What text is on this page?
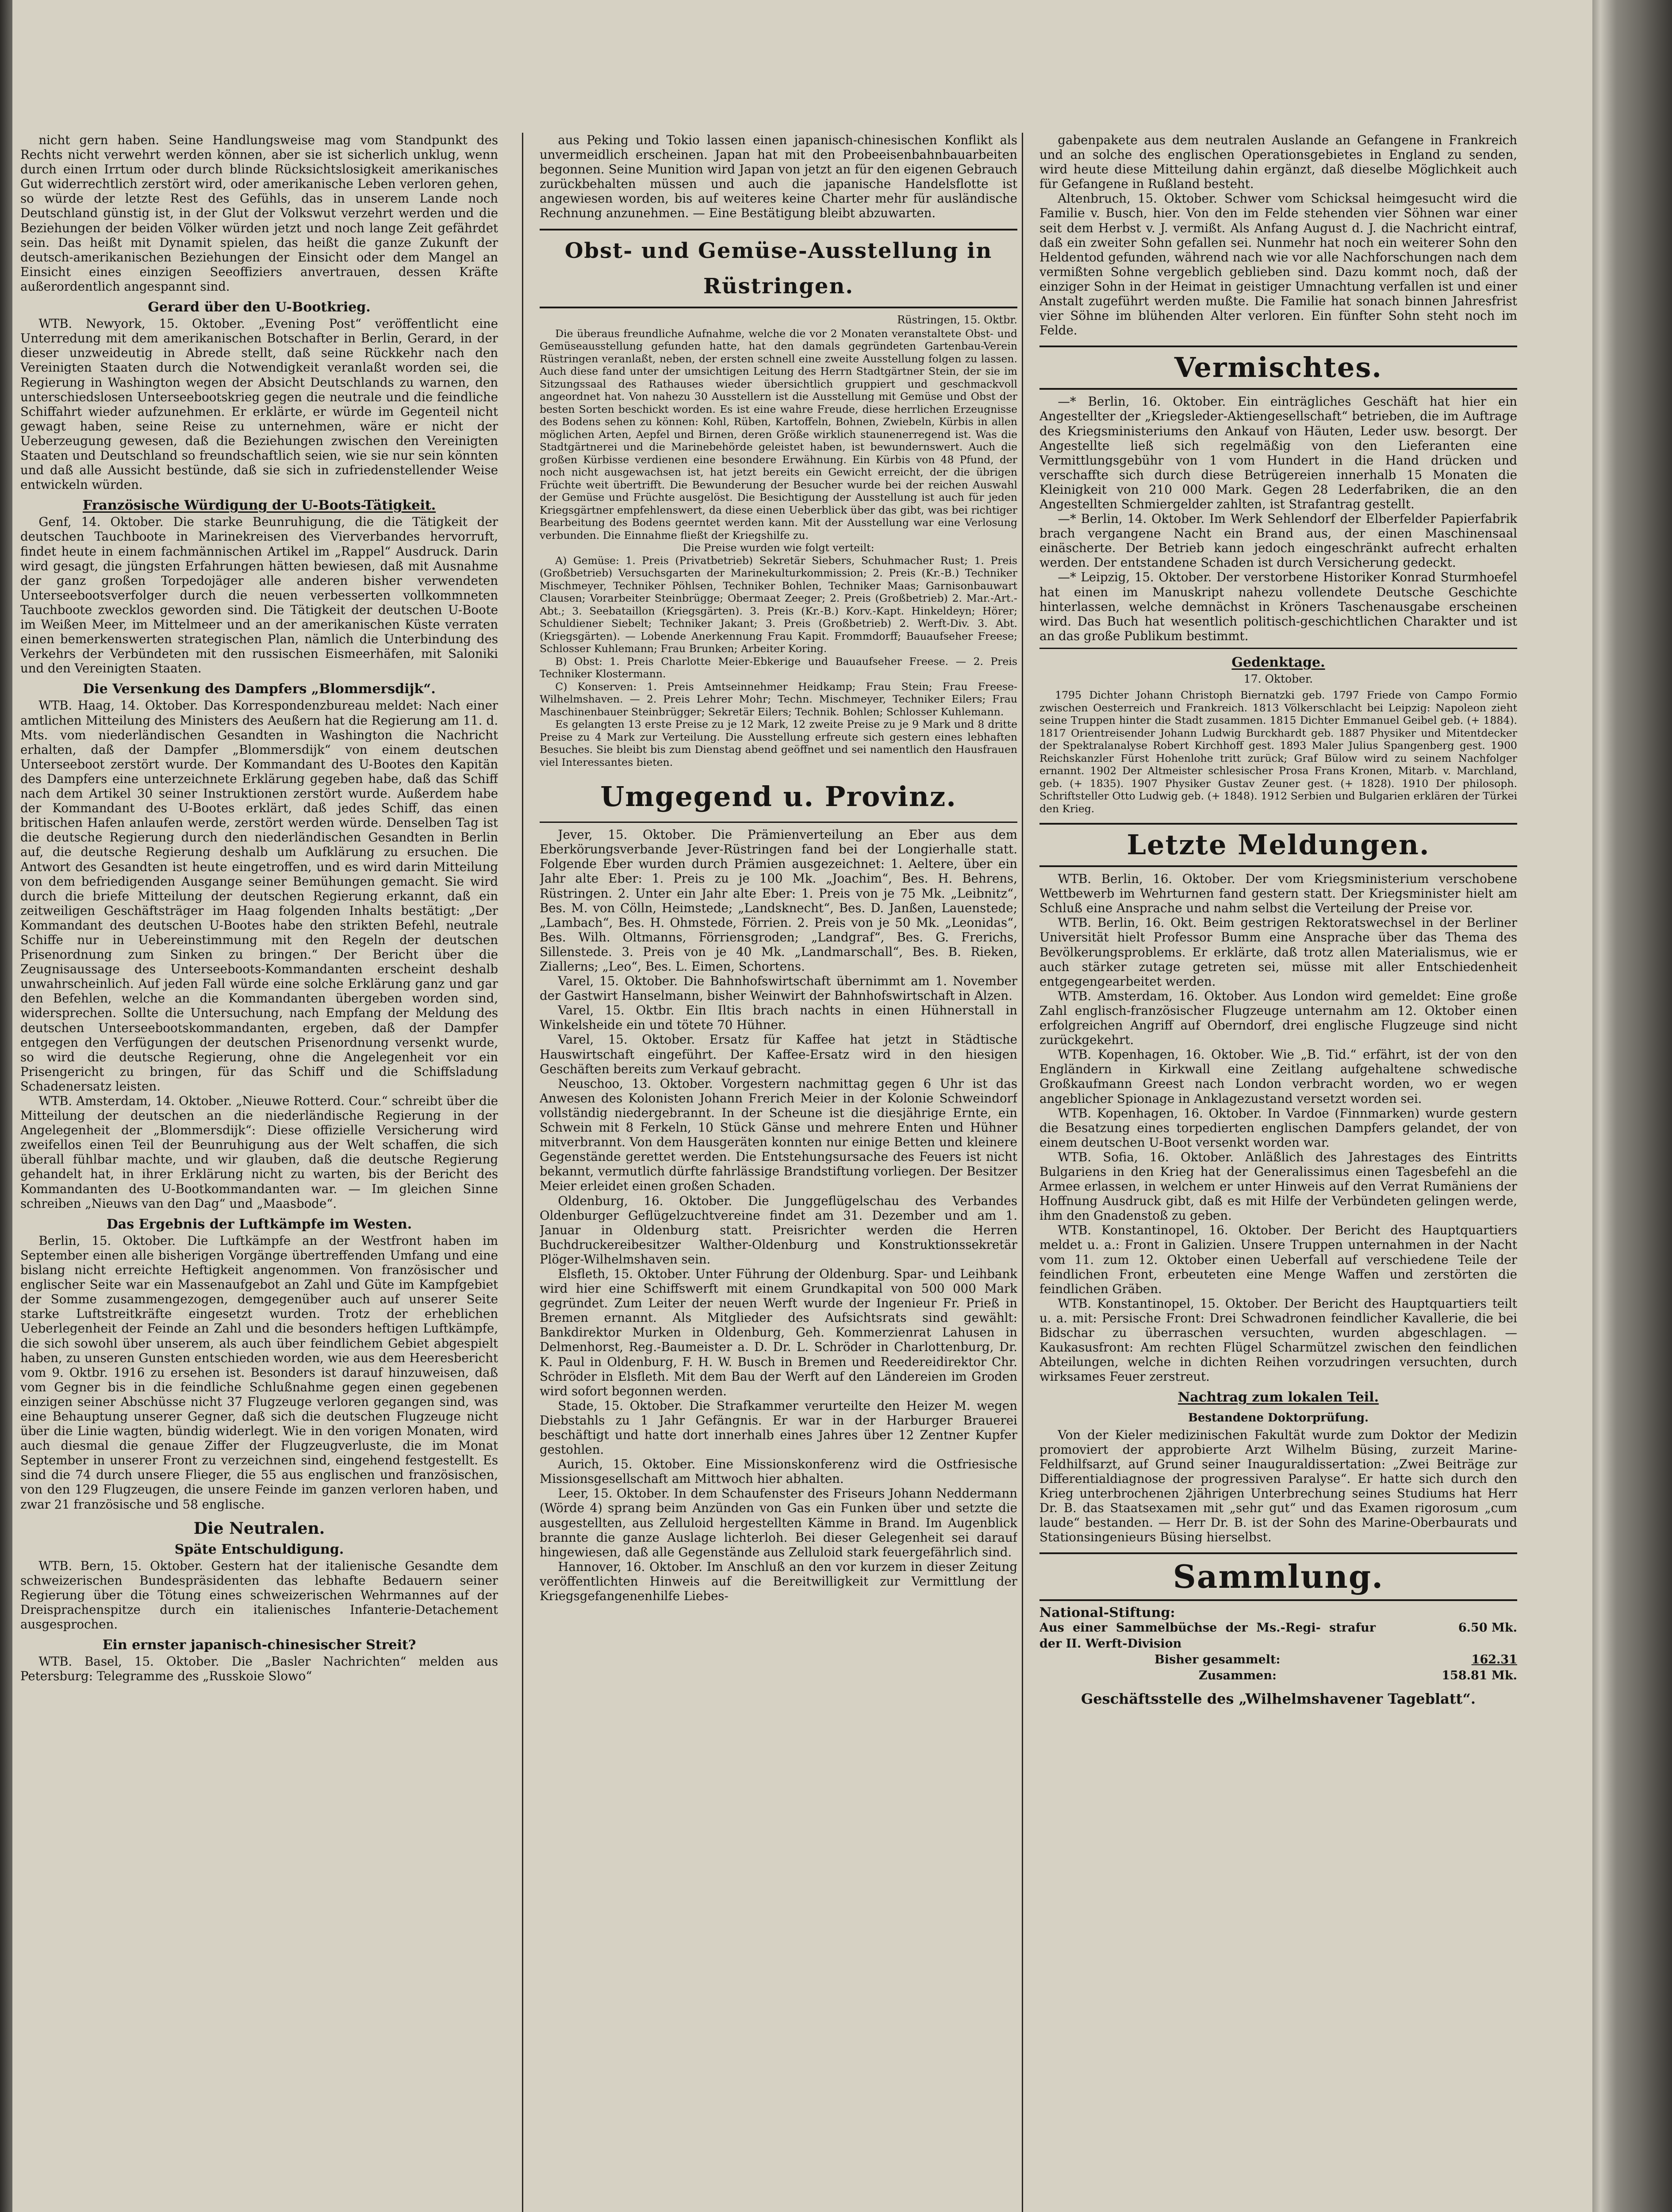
nicht gern haben. Seine Handlungsweise mag vom Standpunkt des Rechts nicht verwehrt werden können, aber sie ist sicherlich unklug, wenn durch einen Irrtum oder durch blinde Rücksichtslosigkeit amerikanisches Gut widerrechtlich zerstört wird, oder amerikanische Leben verloren gehen, so würde der letzte Rest des Gefühls, das in unserem Lande noch Deutschland günstig ist, in der Glut der Volkswut verzehrt werden und die Beziehungen der beiden Völker würden jetzt und noch lange Zeit gefährdet sein. Das heißt mit Dynamit spielen, das heißt die ganze Zukunft der deutsch-amerikanischen Beziehungen der Einsicht oder dem Mangel an Einsicht eines einzigen Seeoffiziers anvertrauen, dessen Kräfte außerordentlich angespannt sind.

Gerard über den U-Bootkrieg.

WTB. Newyork, 15. Oktober. „Evening Post“ veröffentlicht eine Unterredung mit dem amerikanischen Botschafter in Berlin, Gerard, in der dieser unzweideutig in Abrede stellt, daß seine Rückkehr nach den Vereinigten Staaten durch die Notwendigkeit veranlaßt worden sei, die Regierung in Washington wegen der Absicht Deutschlands zu warnen, den unterschiedslosen Unterseebootskrieg gegen die neutrale und die feindliche Schiffahrt wieder aufzunehmen. Er erklärte, er würde im Gegenteil nicht gewagt haben, seine Reise zu unternehmen, wäre er nicht der Ueberzeugung gewesen, daß die Beziehungen zwischen den Vereinigten Staaten und Deutschland so freundschaftlich seien, wie sie nur sein könnten und daß alle Aussicht bestünde, daß sie sich in zufriedenstellender Weise entwickeln würden.

Französische Würdigung der U-Boots-Tätigkeit.

Genf, 14. Oktober. Die starke Beunruhigung, die die Tätigkeit der deutschen Tauchboote in Marinekreisen des Vierverbandes hervorruft, findet heute in einem fachmännischen Artikel im „Rappel“ Ausdruck. Darin wird gesagt, die jüngsten Erfahrungen hätten bewiesen, daß mit Ausnahme der ganz großen Torpedojäger alle anderen bisher verwendeten Unterseebootsverfolger durch die neuen verbesserten vollkommneten Tauchboote zwecklos geworden sind. Die Tätigkeit der deutschen U-Boote im Weißen Meer, im Mittelmeer und an der amerikanischen Küste verraten einen bemerkenswerten strategischen Plan, nämlich die Unterbindung des Verkehrs der Verbündeten mit den russischen Eismeerhäfen, mit Saloniki und den Vereinigten Staaten.

Die Versenkung des Dampfers „Blommersdijk“.

WTB. Haag, 14. Oktober. Das Korrespondenzbureau meldet: Nach einer amtlichen Mitteilung des Ministers des Aeußern hat die Regierung am 11. d. Mts. vom niederländischen Gesandten in Washington die Nachricht erhalten, daß der Dampfer „Blommersdijk“ von einem deutschen Unterseeboot zerstört wurde. Der Kommandant des U-Bootes den Kapitän des Dampfers eine unterzeichnete Erklärung gegeben habe, daß das Schiff nach dem Artikel 30 seiner Instruktionen zerstört wurde. Außerdem habe der Kommandant des U-Bootes erklärt, daß jedes Schiff, das einen britischen Hafen anlaufen werde, zerstört werden würde. Denselben Tag ist die deutsche Regierung durch den niederländischen Gesandten in Berlin auf, die deutsche Regierung deshalb um Aufklärung zu ersuchen. Die Antwort des Gesandten ist heute eingetroffen, und es wird darin Mitteilung von dem befriedigenden Ausgange seiner Bemühungen gemacht. Sie wird durch die briefe Mitteilung der deutschen Regierung erkannt, daß ein zeitweiligen Geschäftsträger im Haag folgenden Inhalts bestätigt: „Der Kommandant des deutschen U-Bootes habe den strikten Befehl, neutrale Schiffe nur in Uebereinstimmung mit den Regeln der deutschen Prisenordnung zum Sinken zu bringen.“ Der Bericht über die Zeugnisaussage des Unterseeboots-Kommandanten erscheint deshalb unwahrscheinlich. Auf jeden Fall würde eine solche Erklärung ganz und gar den Befehlen, welche an die Kommandanten übergeben worden sind, widersprechen. Sollte die Untersuchung, nach Empfang der Meldung des deutschen Unterseebootskommandanten, ergeben, daß der Dampfer entgegen den Verfügungen der deutschen Prisenordnung versenkt wurde, so wird die deutsche Regierung, ohne die Angelegenheit vor ein Prisengericht zu bringen, für das Schiff und die Schiffsladung Schadenersatz leisten.

WTB. Amsterdam, 14. Oktober. „Nieuwe Rotterd. Cour.“ schreibt über die Mitteilung der deutschen an die niederländische Regierung in der Angelegenheit der „Blommersdijk“: Diese offizielle Versicherung wird zweifellos einen Teil der Beunruhigung aus der Welt schaffen, die sich überall fühlbar machte, und wir glauben, daß die deutsche Regierung gehandelt hat, in ihrer Erklärung nicht zu warten, bis der Bericht des Kommandanten des U-Bootkommandanten war. — Im gleichen Sinne schreiben „Nieuws van den Dag“ und „Maasbode“.

Das Ergebnis der Luftkämpfe im Westen.

Berlin, 15. Oktober. Die Luftkämpfe an der Westfront haben im September einen alle bisherigen Vorgänge übertreffenden Umfang und eine bislang nicht erreichte Heftigkeit angenommen. Von französischer und englischer Seite war ein Massenaufgebot an Zahl und Güte im Kampfgebiet der Somme zusammengezogen, demgegenüber auch auf unserer Seite starke Luftstreitkräfte eingesetzt wurden. Trotz der erheblichen Ueberlegenheit der Feinde an Zahl und die besonders heftigen Luftkämpfe, die sich sowohl über unserem, als auch über feindlichem Gebiet abgespielt haben, zu unseren Gunsten entschieden worden, wie aus dem Heeresbericht vom 9. Oktbr. 1916 zu ersehen ist. Besonders ist darauf hinzuweisen, daß vom Gegner bis in die feindliche Schlußnahme gegen einen gegebenen einzigen seiner Abschüsse nicht 37 Flugzeuge verloren gegangen sind, was eine Behauptung unserer Gegner, daß sich die deutschen Flugzeuge nicht über die Linie wagten, bündig widerlegt. Wie in den vorigen Monaten, wird auch diesmal die genaue Ziffer der Flugzeugverluste, die im Monat September in unserer Front zu verzeichnen sind, eingehend festgestellt. Es sind die 74 durch unsere Flieger, die 55 aus englischen und französischen, von den 129 Flugzeugen, die unsere Feinde im ganzen verloren haben, und zwar 21 französische und 58 englische.

Die Neutralen.
Späte Entschuldigung.

WTB. Bern, 15. Oktober. Gestern hat der italienische Gesandte dem schweizerischen Bundespräsidenten das lebhafte Bedauern seiner Regierung über die Tötung eines schweizerischen Wehrmannes auf der Dreisprachenspitze durch ein italienisches Infanterie-Detachement ausgesprochen.

Ein ernster japanisch-chinesischer Streit?

WTB. Basel, 15. Oktober. Die „Basler Nachrichten“ melden aus Petersburg: Telegramme des „Russkoie Slowo“

aus Peking und Tokio lassen einen japanisch-chinesischen Konflikt als unvermeidlich erscheinen. Japan hat mit den Probeeisenbahnbauarbeiten begonnen. Seine Munition wird Japan von jetzt an für den eigenen Gebrauch zurückbehalten müssen und auch die japanische Handelsflotte ist angewiesen worden, bis auf weiteres keine Charter mehr für ausländische Rechnung anzunehmen. — Eine Bestätigung bleibt abzuwarten.

Obst- und Gemüse-Ausstellung in Rüstringen.
Rüstringen, 15. Oktbr.

Die überaus freundliche Aufnahme, welche die vor 2 Monaten veranstaltete Obst- und Gemüseausstellung gefunden hatte, hat den damals gegründeten Gartenbau-Verein Rüstringen veranlaßt, neben, der ersten schnell eine zweite Ausstellung folgen zu lassen. Auch diese fand unter der umsichtigen Leitung des Herrn Stadtgärtner Stein, der sie im Sitzungssaal des Rathauses wieder übersichtlich gruppiert und geschmackvoll angeordnet hat. Von nahezu 30 Ausstellern ist die Ausstellung mit Gemüse und Obst der besten Sorten beschickt worden. Es ist eine wahre Freude, diese herrlichen Erzeugnisse des Bodens sehen zu können: Kohl, Rüben, Kartoffeln, Bohnen, Zwiebeln, Kürbis in allen möglichen Arten, Aepfel und Birnen, deren Größe wirklich staunenerregend ist. Was die Stadtgärtnerei und die Marinebehörde geleistet haben, ist bewundernswert. Auch die großen Kürbisse verdienen eine besondere Erwähnung. Ein Kürbis von 48 Pfund, der noch nicht ausgewachsen ist, hat jetzt bereits ein Gewicht erreicht, der die übrigen Früchte weit übertrifft. Die Bewunderung der Besucher wurde bei der reichen Auswahl der Gemüse und Früchte ausgelöst. Die Besichtigung der Ausstellung ist auch für jeden Kriegsgärtner empfehlenswert, da diese einen Ueberblick über das gibt, was bei richtiger Bearbeitung des Bodens geerntet werden kann. Mit der Ausstellung war eine Verlosung verbunden. Die Einnahme fließt der Kriegshilfe zu.

Die Preise wurden wie folgt verteilt:

A) Gemüse: 1. Preis (Privatbetrieb) Sekretär Siebers, Schuhmacher Rust; 1. Preis (Großbetrieb) Versuchsgarten der Marinekulturkommission; 2. Preis (Kr.-B.) Techniker Mischmeyer, Techniker Pöhlsen, Techniker Bohlen, Techniker Maas; Garnisonbauwart Clausen; Vorarbeiter Steinbrügge; Obermaat Zeeger; 2. Preis (Großbetrieb) 2. Mar.-Art.-Abt.; 3. Seebataillon (Kriegsgärten). 3. Preis (Kr.-B.) Korv.-Kapt. Hinkeldeyn; Hörer; Schuldiener Siebelt; Techniker Jakant; 3. Preis (Großbetrieb) 2. Werft-Div. 3. Abt. (Kriegsgärten). — Lobende Anerkennung Frau Kapit. Frommdorff; Bauaufseher Freese; Schlosser Kuhlemann; Frau Brunken; Arbeiter Koring.

B) Obst: 1. Preis Charlotte Meier-Ebkerige und Bauaufseher Freese. — 2. Preis Techniker Klostermann.

C) Konserven: 1. Preis Amtseinnehmer Heidkamp; Frau Stein; Frau Freese-Wilhelmshaven. — 2. Preis Lehrer Mohr; Techn. Mischmeyer, Techniker Eilers; Frau Maschinenbauer Steinbrügger; Sekretär Eilers; Technik. Bohlen; Schlosser Kuhlemann.

Es gelangten 13 erste Preise zu je 12 Mark, 12 zweite Preise zu je 9 Mark und 8 dritte Preise zu 4 Mark zur Verteilung. Die Ausstellung erfreute sich gestern eines lebhaften Besuches. Sie bleibt bis zum Dienstag abend geöffnet und sei namentlich den Hausfrauen viel Interessantes bieten.

Umgegend u. Provinz.

Jever, 15. Oktober. Die Prämienverteilung an Eber aus dem Eberkörungsverbande Jever-Rüstringen fand bei der Longierhalle statt. Folgende Eber wurden durch Prämien ausgezeichnet: 1. Aeltere, über ein Jahr alte Eber: 1. Preis zu je 100 Mk. „Joachim“, Bes. H. Behrens, Rüstringen. 2. Unter ein Jahr alte Eber: 1. Preis von je 75 Mk. „Leibnitz“, Bes. M. von Cölln, Heimstede; „Landsknecht“, Bes. D. Janßen, Lauenstede; „Lambach“, Bes. H. Ohmstede, Förrien. 2. Preis von je 50 Mk. „Leonidas“, Bes. Wilh. Oltmanns, Förriensgroden; „Landgraf“, Bes. G. Frerichs, Sillenstede. 3. Preis von je 40 Mk. „Landmarschall“, Bes. B. Rieken, Ziallerns; „Leo“, Bes. L. Eimen, Schortens.

Varel, 15. Oktober. Die Bahnhofswirtschaft übernimmt am 1. November der Gastwirt Hanselmann, bisher Weinwirt der Bahnhofswirtschaft in Alzen.

Varel, 15. Oktbr. Ein Iltis brach nachts in einen Hühnerstall in Winkelsheide ein und tötete 70 Hühner.

Varel, 15. Oktober. Ersatz für Kaffee hat jetzt in Städtische Hauswirtschaft eingeführt. Der Kaffee-Ersatz wird in den hiesigen Geschäften bereits zum Verkauf gebracht.

Neuschoo, 13. Oktober. Vorgestern nachmittag gegen 6 Uhr ist das Anwesen des Kolonisten Johann Frerich Meier in der Kolonie Schweindorf vollständig niedergebrannt. In der Scheune ist die diesjährige Ernte, ein Schwein mit 8 Ferkeln, 10 Stück Gänse und mehrere Enten und Hühner mitverbrannt. Von dem Hausgeräten konnten nur einige Betten und kleinere Gegenstände gerettet werden. Die Entstehungsursache des Feuers ist nicht bekannt, vermutlich dürfte fahrlässige Brandstiftung vorliegen. Der Besitzer Meier erleidet einen großen Schaden.

Oldenburg, 16. Oktober. Die Junggeflügelschau des Verbandes Oldenburger Geflügelzuchtvereine findet am 31. Dezember und am 1. Januar in Oldenburg statt. Preisrichter werden die Herren Buchdruckereibesitzer Walther-Oldenburg und Konstruktionssekretär Plöger-Wilhelmshaven sein.

Elsfleth, 15. Oktober. Unter Führung der Oldenburg. Spar- und Leihbank wird hier eine Schiffswerft mit einem Grundkapital von 500 000 Mark gegründet. Zum Leiter der neuen Werft wurde der Ingenieur Fr. Prieß in Bremen ernannt. Als Mitglieder des Aufsichtsrats sind gewählt: Bankdirektor Murken in Oldenburg, Geh. Kommerzienrat Lahusen in Delmenhorst, Reg.-Baumeister a. D. Dr. L. Schröder in Charlottenburg, Dr. K. Paul in Oldenburg, F. H. W. Busch in Bremen und Reedereidirektor Chr. Schröder in Elsfleth. Mit dem Bau der Werft auf den Ländereien im Groden wird sofort begonnen werden.

Stade, 15. Oktober. Die Strafkammer verurteilte den Heizer M. wegen Diebstahls zu 1 Jahr Gefängnis. Er war in der Harburger Brauerei beschäftigt und hatte dort innerhalb eines Jahres über 12 Zentner Kupfer gestohlen.

Aurich, 15. Oktober. Eine Missionskonferenz wird die Ostfriesische Missionsgesellschaft am Mittwoch hier abhalten.

Leer, 15. Oktober. In dem Schaufenster des Friseurs Johann Neddermann (Wörde 4) sprang beim Anzünden von Gas ein Funken über und setzte die ausgestellten, aus Zelluloid hergestellten Kämme in Brand. Im Augenblick brannte die ganze Auslage lichterloh. Bei dieser Gelegenheit sei darauf hingewiesen, daß alle Gegenstände aus Zelluloid stark feuergefährlich sind.

Hannover, 16. Oktober. Im Anschluß an den vor kurzem in dieser Zeitung veröffentlichten Hinweis auf die Bereitwilligkeit zur Vermittlung der Kriegsgefangenenhilfe Liebes-

gabenpakete aus dem neutralen Auslande an Gefangene in Frankreich und an solche des englischen Operationsgebietes in England zu senden, wird heute diese Mitteilung dahin ergänzt, daß dieselbe Möglichkeit auch für Gefangene in Rußland besteht.

Altenbruch, 15. Oktober. Schwer vom Schicksal heimgesucht wird die Familie v. Busch, hier. Von den im Felde stehenden vier Söhnen war einer seit dem Herbst v. J. vermißt. Als Anfang August d. J. die Nachricht eintraf, daß ein zweiter Sohn gefallen sei. Nunmehr hat noch ein weiterer Sohn den Heldentod gefunden, während nach wie vor alle Nachforschungen nach dem vermißten Sohne vergeblich geblieben sind. Dazu kommt noch, daß der einziger Sohn in der Heimat in geistiger Umnachtung verfallen ist und einer Anstalt zugeführt werden mußte. Die Familie hat sonach binnen Jahresfrist vier Söhne im blühenden Alter verloren. Ein fünfter Sohn steht noch im Felde.

Vermischtes.

—* Berlin, 16. Oktober. Ein einträgliches Geschäft hat hier ein Angestellter der „Kriegsleder-Aktiengesellschaft“ betrieben, die im Auftrage des Kriegsministeriums den Ankauf von Häuten, Leder usw. besorgt. Der Angestellte ließ sich regelmäßig von den Lieferanten eine Vermittlungsgebühr von 1 vom Hundert in die Hand drücken und verschaffte sich durch diese Betrügereien innerhalb 15 Monaten die Kleinigkeit von 210 000 Mark. Gegen 28 Lederfabriken, die an den Angestellten Schmiergelder zahlten, ist Strafantrag gestellt.

—* Berlin, 14. Oktober. Im Werk Sehlendorf der Elberfelder Papierfabrik brach vergangene Nacht ein Brand aus, der einen Maschinensaal einäscherte. Der Betrieb kann jedoch eingeschränkt aufrecht erhalten werden. Der entstandene Schaden ist durch Versicherung gedeckt.

—* Leipzig, 15. Oktober. Der verstorbene Historiker Konrad Sturmhoefel hat einen im Manuskript nahezu vollendete Deutsche Geschichte hinterlassen, welche demnächst in Kröners Taschenausgabe erscheinen wird. Das Buch hat wesentlich politisch-geschichtlichen Charakter und ist an das große Publikum bestimmt.

Gedenktage.
17. Oktober.

1795 Dichter Johann Christoph Biernatzki geb. 1797 Friede von Campo Formio zwischen Oesterreich und Frankreich. 1813 Völkerschlacht bei Leipzig: Napoleon zieht seine Truppen hinter die Stadt zusammen. 1815 Dichter Emmanuel Geibel geb. (+ 1884). 1817 Orientreisender Johann Ludwig Burckhardt geb. 1887 Physiker und Mitentdecker der Spektralanalyse Robert Kirchhoff gest. 1893 Maler Julius Spangenberg gest. 1900 Reichskanzler Fürst Hohenlohe tritt zurück; Graf Bülow wird zu seinem Nachfolger ernannt. 1902 Der Altmeister schlesischer Prosa Frans Kronen, Mitarb. v. Marchland, geb. (+ 1835). 1907 Physiker Gustav Zeuner gest. (+ 1828). 1910 Der philosoph. Schriftsteller Otto Ludwig geb. (+ 1848). 1912 Serbien und Bulgarien erklären der Türkei den Krieg.

Letzte Meldungen.

WTB. Berlin, 16. Oktober. Der vom Kriegsministerium verschobene Wettbewerb im Wehrturnen fand gestern statt. Der Kriegsminister hielt am Schluß eine Ansprache und nahm selbst die Verteilung der Preise vor.

WTB. Berlin, 16. Okt. Beim gestrigen Rektoratswechsel in der Berliner Universität hielt Professor Bumm eine Ansprache über das Thema des Bevölkerungsproblems. Er erklärte, daß trotz allen Materialismus, wie er auch stärker zutage getreten sei, müsse mit aller Entschiedenheit entgegengearbeitet werden.

WTB. Amsterdam, 16. Oktober. Aus London wird gemeldet: Eine große Zahl englisch-französischer Flugzeuge unternahm am 12. Oktober einen erfolgreichen Angriff auf Oberndorf, drei englische Flugzeuge sind nicht zurückgekehrt.

WTB. Kopenhagen, 16. Oktober. Wie „B. Tid.“ erfährt, ist der von den Engländern in Kirkwall eine Zeitlang aufgehaltene schwedische Großkaufmann Greest nach London verbracht worden, wo er wegen angeblicher Spionage in Anklagezustand versetzt worden sei.

WTB. Kopenhagen, 16. Oktober. In Vardoe (Finnmarken) wurde gestern die Besatzung eines torpedierten englischen Dampfers gelandet, der von einem deutschen U-Boot versenkt worden war.

WTB. Sofia, 16. Oktober. Anläßlich des Jahrestages des Eintritts Bulgariens in den Krieg hat der Generalissimus einen Tagesbefehl an die Armee erlassen, in welchem er unter Hinweis auf den Verrat Rumäniens der Hoffnung Ausdruck gibt, daß es mit Hilfe der Verbündeten gelingen werde, ihm den Gnadenstoß zu geben.

WTB. Konstantinopel, 16. Oktober. Der Bericht des Hauptquartiers meldet u. a.: Front in Galizien. Unsere Truppen unternahmen in der Nacht vom 11. zum 12. Oktober einen Ueberfall auf verschiedene Teile der feindlichen Front, erbeuteten eine Menge Waffen und zerstörten die feindlichen Gräben.

WTB. Konstantinopel, 15. Oktober. Der Bericht des Hauptquartiers teilt u. a. mit: Persische Front: Drei Schwadronen feindlicher Kavallerie, die bei Bidschar zu überraschen versuchten, wurden abgeschlagen. — Kaukasusfront: Am rechten Flügel Scharmützel zwischen den feindlichen Abteilungen, welche in dichten Reihen vorzudringen versuchten, durch wirksames Feuer zerstreut.

Nachtrag zum lokalen Teil.
Bestandene Doktorprüfung.

Von der Kieler medizinischen Fakultät wurde zum Doktor der Medizin promoviert der approbierte Arzt Wilhelm Büsing, zurzeit Marine-Feldhilfsarzt, auf Grund seiner Inauguraldissertation: „Zwei Beiträge zur Differentialdiagnose der progressiven Paralyse“. Er hatte sich durch den Krieg unterbrochenen 2jährigen Unterbrechung seines Studiums hat Herr Dr. B. das Staatsexamen mit „sehr gut“ und das Examen rigorosum „cum laude“ bestanden. — Herr Dr. B. ist der Sohn des Marine-Oberbaurats und Stationsingenieurs Büsing hierselbst.

Sammlung.
National-Stiftung:
Aus einer Sammelbüchse der Ms.-Regi- strafur der II. Werft-Division
6.50 Mk.
Bisher gesammelt:	162.31
Zusammen:	158.81 Mk.
Geschäftsstelle des „Wilhelmshavener Tageblatt“.
